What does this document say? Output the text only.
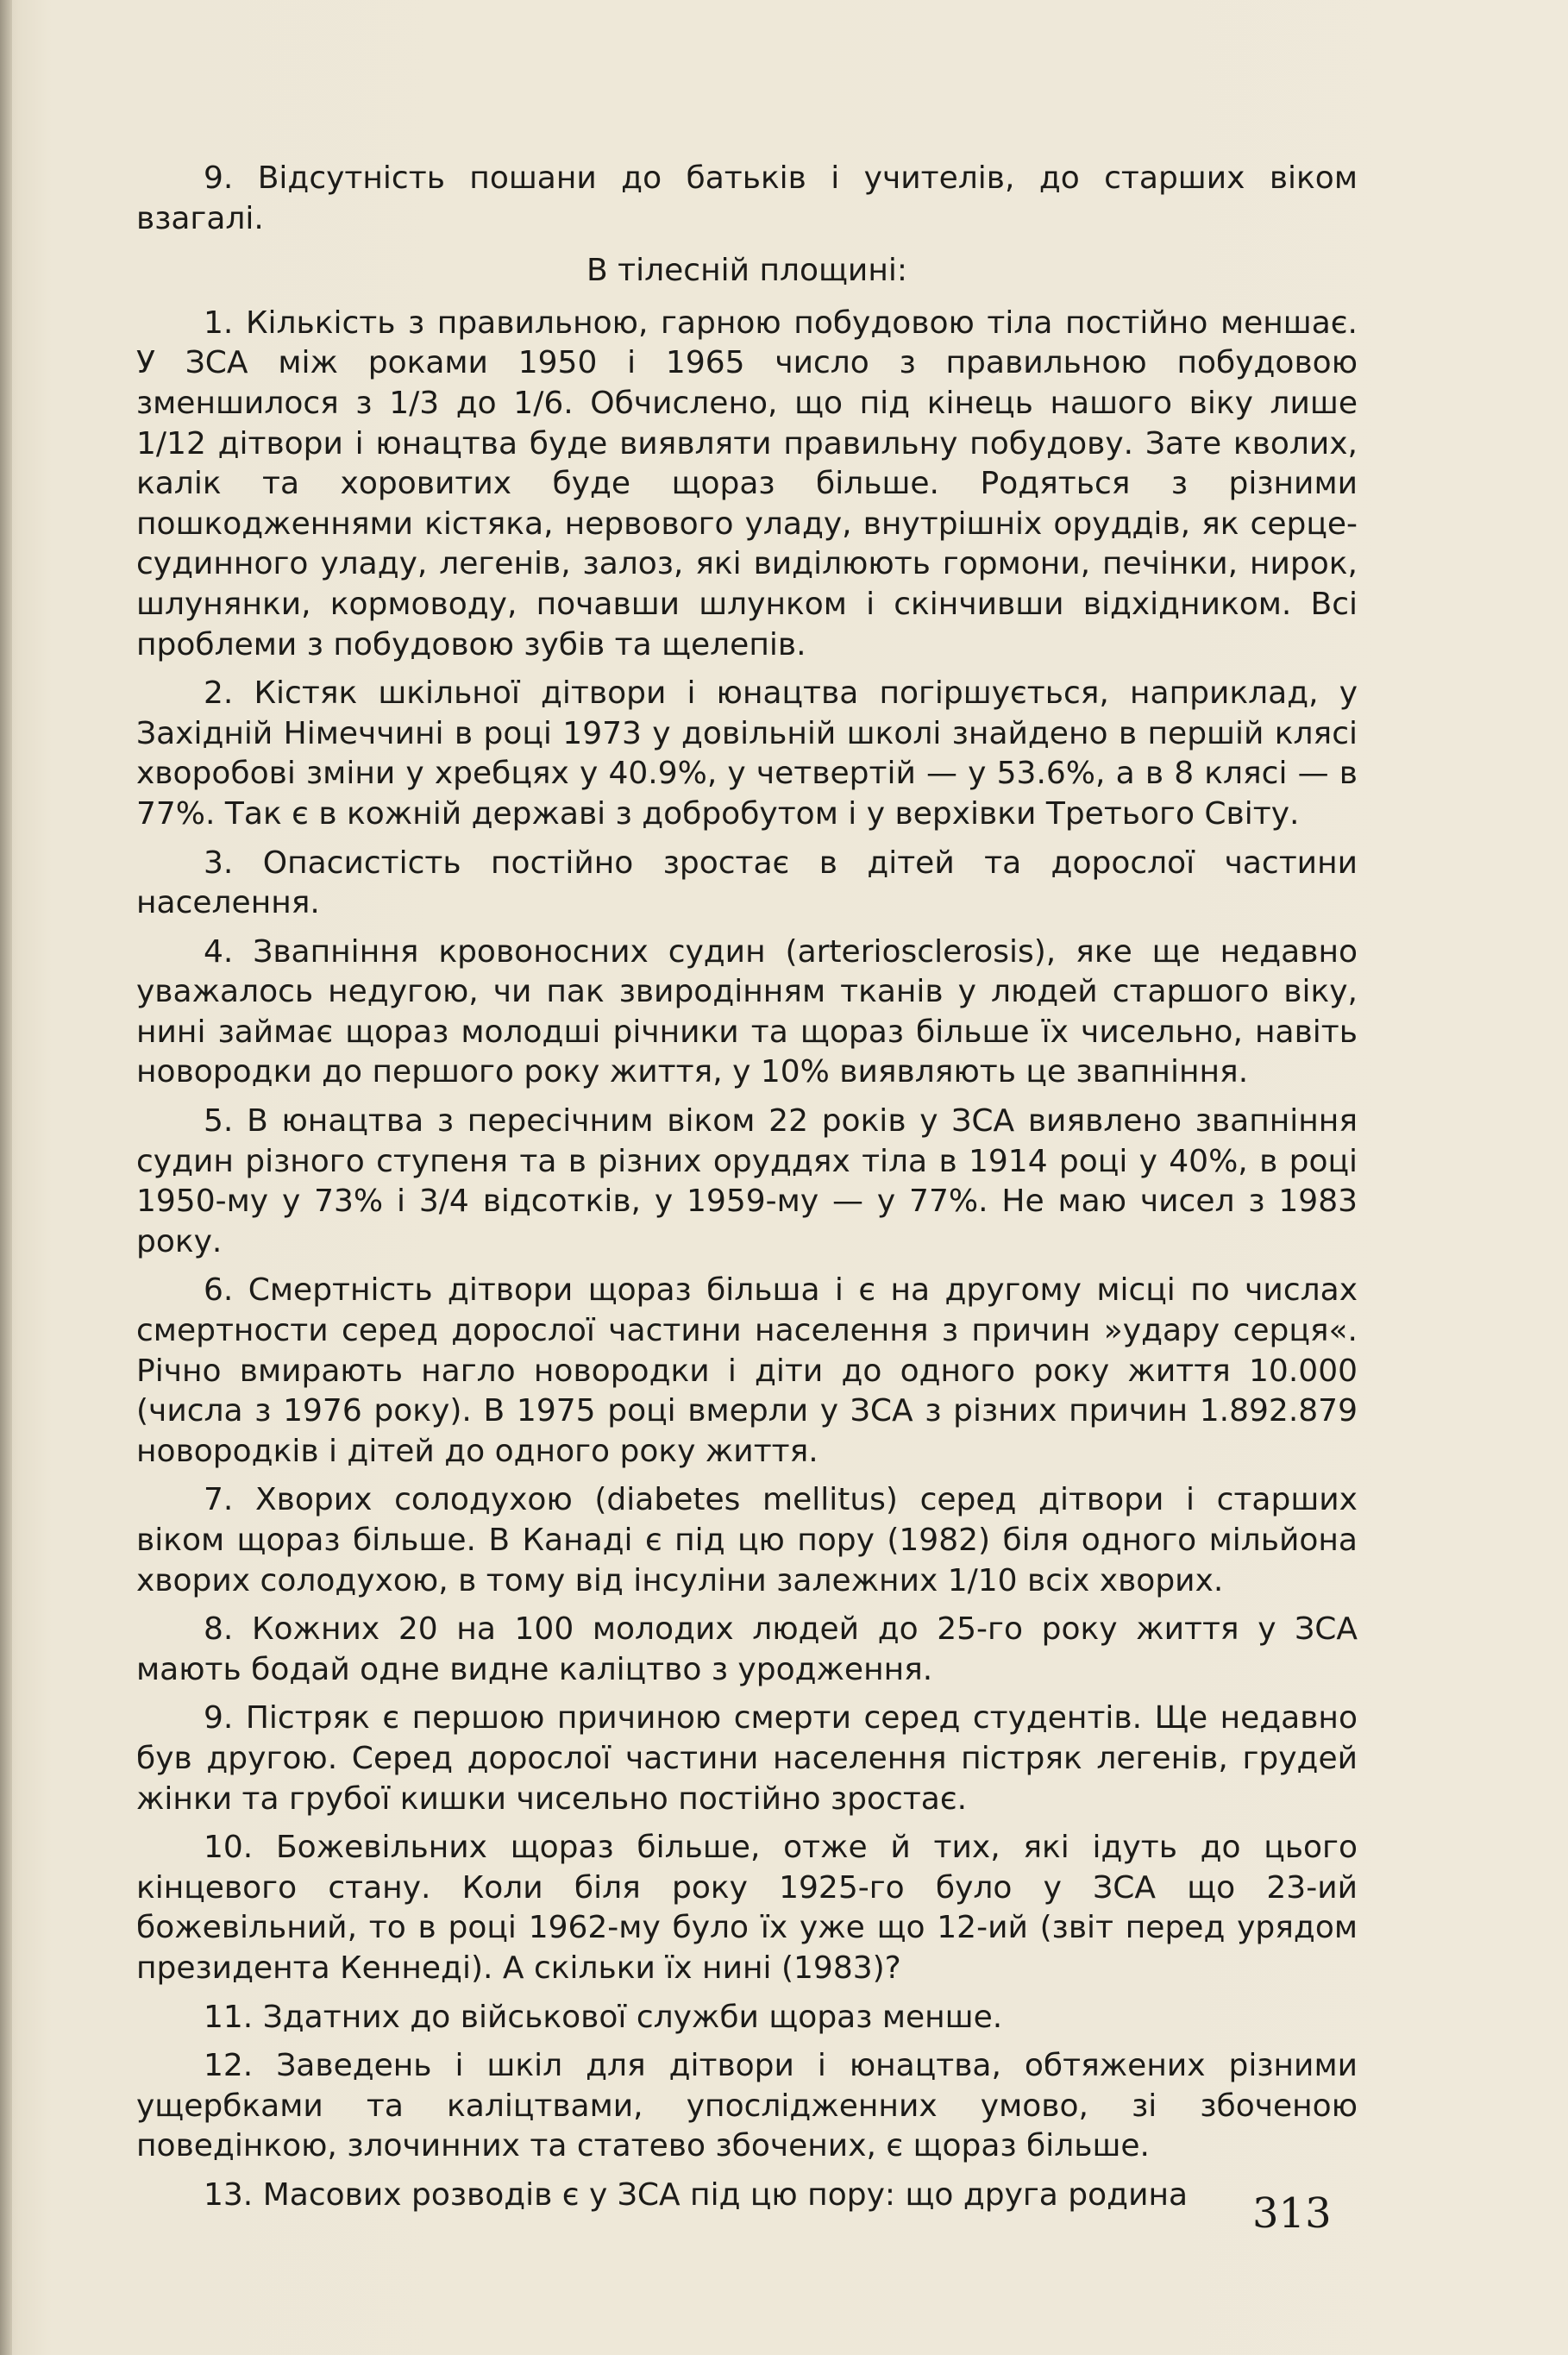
9. Відсутність пошани до батьків і учителів, до старших віком взагалі.

В тілесній площині:

1. Кількість з правильною, гарною побудовою тіла постійно меншає. У ЗСА між роками 1950 і 1965 число з правильною побудовою зменшилося з 1/3 до 1/6. Обчислено, що під кінець нашого віку лише 1/12 дітвори і юнацтва буде виявляти правильну побудову. Зате кволих, калік та хоровитих буде щораз більше. Родяться з різними пошкодженнями кістяка, нервового уладу, внутрішніх оруддів, як серце-судинного уладу, легенів, залоз, які виділюють гормони, печінки, нирок, шлунянки, кормоводу, почавши шлунком і скінчивши відхідником. Всі проблеми з побудовою зубів та щелепів.

2. Кістяк шкільної дітвори і юнацтва погіршується, наприклад, у Західній Німеччині в році 1973 у довільній школі знайдено в першій клясі хворобові зміни у хребцях у 40.9%, у четвертій — у 53.6%, а в 8 клясі — в 77%. Так є в кожній державі з добробутом і у верхівки Третього Світу.

3. Опасистість постійно зростає в дітей та дорослої частини населення.

4. Звапніння кровоносних судин (arteriosclerosis), яке ще недавно уважалось недугою, чи пак звиродінням тканів у людей старшого віку, нині займає щораз молодші річники та щораз більше їх чисельно, навіть новородки до першого року життя, у 10% виявляють це звапніння.

5. В юнацтва з пересічним віком 22 років у ЗСА виявлено звапніння судин різного ступеня та в різних оруддях тіла в 1914 році у 40%, в році 1950-му у 73% і 3/4 відсотків, у 1959-му — у 77%. Не маю чисел з 1983 року.

6. Смертність дітвори щораз більша і є на другому місці по числах смертности серед дорослої частини населення з причин »удару серця«. Річно вмирають нагло новородки і діти до одного року життя 10.000 (числа з 1976 року). В 1975 році вмерли у ЗСА з різних причин 1.892.879 новородків і дітей до одного року життя.

7. Хворих солодухою (diabetes mellitus) серед дітвори і старших віком щораз більше. В Канаді є під цю пору (1982) біля одного мільйона хворих солодухою, в тому від інсуліни залежних 1/10 всіх хворих.

8. Кожних 20 на 100 молодих людей до 25-го року життя у ЗСА мають бодай одне видне каліцтво з уродження.

9. Пістряк є першою причиною смерти серед студентів. Ще недавно був другою. Серед дорослої частини населення пістряк легенів, грудей жінки та грубої кишки чисельно постійно зростає.

10. Божевільних щораз більше, отже й тих, які ідуть до цього кінцевого стану. Коли біля року 1925-го було у ЗСА що 23-ий божевільний, то в році 1962-му було їх уже що 12-ий (звіт перед урядом президента Кеннеді). А скільки їх нині (1983)?

11. Здатних до військової служби щораз менше.

12. Заведень і шкіл для дітвори і юнацтва, обтяжених різними ущербками та каліцтвами, упослідженних умово, зі збоченою поведінкою, злочинних та статево збочених, є щораз більше.

13. Масових розводів є у ЗСА під цю пору: що друга родина	313
